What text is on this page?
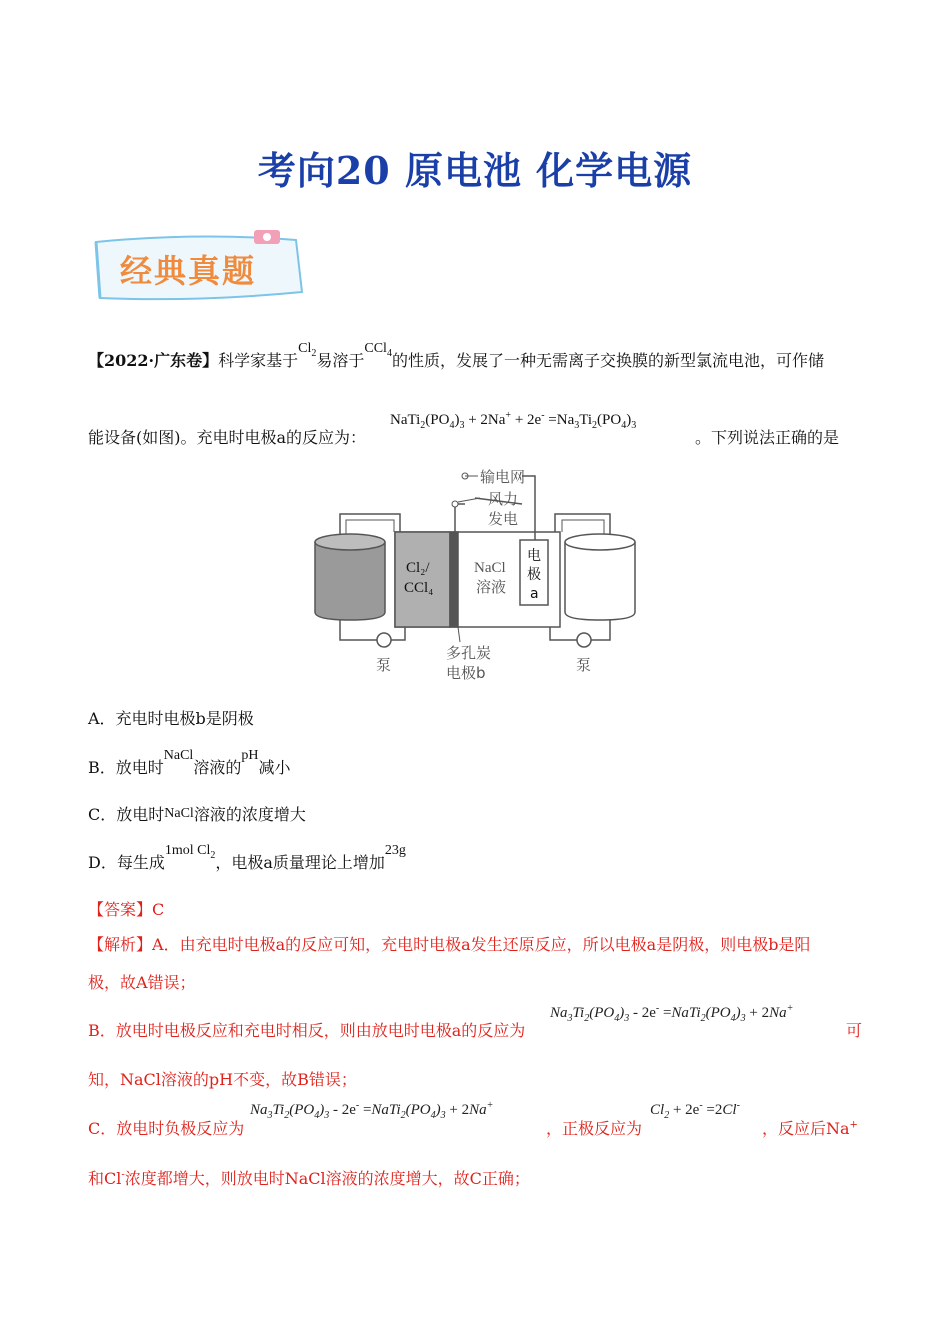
考向20 原电池 化学电源
经典真题
【2022·广东卷】科学家基于$Cl_2$易溶于CCl$_4$的性质，发展了一种无需离子交换膜的新型氯流电池，可作储
能设备(如图)。充电时电极a的反应为：
$NaTi_2(PO_4)_3 + 2Na^+ + 2e^- =Na_3Ti_2(PO_4)_3$
。下列说法正确的是
输电网
风力
发电
Cl₂/
CCl₄
NaCl
溶液
电
极
a
多孔炭
电极b
泵	泵
A．充电时电极b是阴极
B．放电时NaCl溶液的pH减小
C．放电时NaCl溶液的浓度增大
D．每生成1mol $Cl_2$，电极a质量理论上增加23g
【答案】C
【解析】A．由充电时电极a的反应可知，充电时电极a发生还原反应，所以电极a是阴极，则电极b是阳
极，故A错误；
B．放电时电极反应和充电时相反，则由放电时电极a的反应为
$Na_3Ti_2(PO_4)_3 - 2e^-$ $=NaTi_2(PO_4)_3 + 2Na^+$
可
知，NaCl溶液的pH不变，故B错误；
C．放电时负极反应为
$Na_3Ti_2(PO_4)_3 - 2e^-$ $=NaTi_2(PO_4)_3 + 2Na^+$
，正极反应为
$Cl_2 + 2e^- =2Cl^-$
，反应后Na+
和Cl-浓度都增大，则放电时NaCl溶液的浓度增大，故C正确；
